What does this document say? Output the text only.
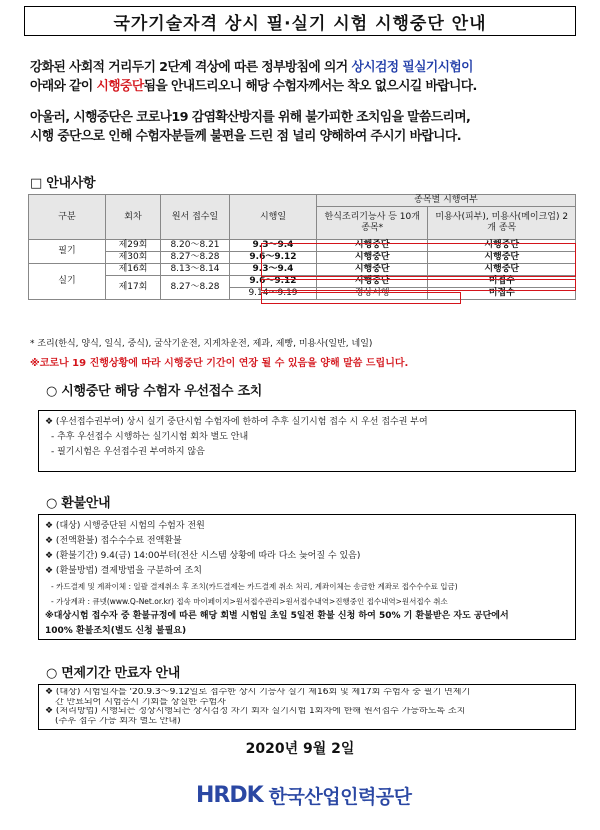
국가기술자격 상시 필·실기 시험 시행중단 안내
강화된 사회적 거리두기 2단계 격상에 따른 정부방침에 의거 상시검정 필실기시험이
아래와 같이 시행중단됨을 안내드리오니 해당 수험자께서는 착오 없으시길 바랍니다.
아울러, 시행중단은 코로나19 감염확산방지를 위해 불가피한 조치임을 말씀드리며,
시행 중단으로 인해 수험자분들께 불편을 드린 점 널리 양해하여 주시기 바랍니다.
□ 안내사항
구분	회차	원서 접수일	시행일	종목별 시행여부	
				한식조리기능사 등 10개 종목*	미용사(피부), 미용사(메이크업) 2개 종목
필기	제29회	8.20～8.21	9.3～9.4	시행중단	시행중단
	제30회	8.27～8.28	9.6～9.12	시행중단	시행중단
실기	제16회	8.13～8.14	9.3～9.4	시행중단	시행중단
	제17회	8.27～8.28	9.6～9.12	시행중단	미접수
			9.14～9.19	정상시행	미접수
* 조리(한식, 양식, 일식, 중식), 굴삭기운전, 지게차운전, 제과, 제빵, 미용사(일반, 네일)
※코로나 19 진행상황에 따라 시행중단 기간이 연장 될 수 있음을 양해 말씀 드립니다.
○ 시행중단 해당 수험자 우선접수 조치
❖ (우선접수권부여) 상시 실기 중단시험 수험자에 한하여 추후 실기시험 접수 시 우선 접수권 부여
- 추후 우선접수 시행하는 실기시험 회차 별도 안내
- 필기시험은 우선접수권 부여하지 않음
○ 환불안내
❖ (대상) 시행중단된 시험의 수험자 전원
❖ (전액환불) 접수수수료 전액환불
❖ (환불기간) 9.4(금) 14:00부터(전산 시스템 상황에 따라 다소 늦어질 수 있음)
❖ (환불방법) 결제방법을 구분하여 조치
- 카드결제 및 계좌이체 : 일괄 결제취소 후 조치(카드결제는 카드결제 취소 처리, 계좌이체는 송금한 계좌로 접수수수료 입금)
- 가상계좌 : 큐넷(www.Q-Net.or.kr) 접속 마이페이지>원서접수관리>원서접수내역>진행중인 접수내역>원서접수 취소
※대상시험 접수자 중 환불규정에 따른 해당 회별 시험일 초일 5일전 환불 신청 하여 50% 기 환불받은 자도 공단에서
100% 환불조치(별도 신청 불필요)
○ 면제기간 만료자 안내
❖ (대상) 시험일자를 '20.9.3～9.12일로 접수한 상시 기능사 실기 제16회 및 제17회 수험자 중 필기 면제기
간 만료되어 시험응시 기회를 상실한 수험자
❖ (처리방법) 시행되는 정상시행되는 상시검정 차기 회차 실기시험 1회차에 한해 원서접수 가능하도록 조치
(추후 접수 가능 회차 별도 안내)
2020년 9월 2일
HRDK 한국산업인력공단
